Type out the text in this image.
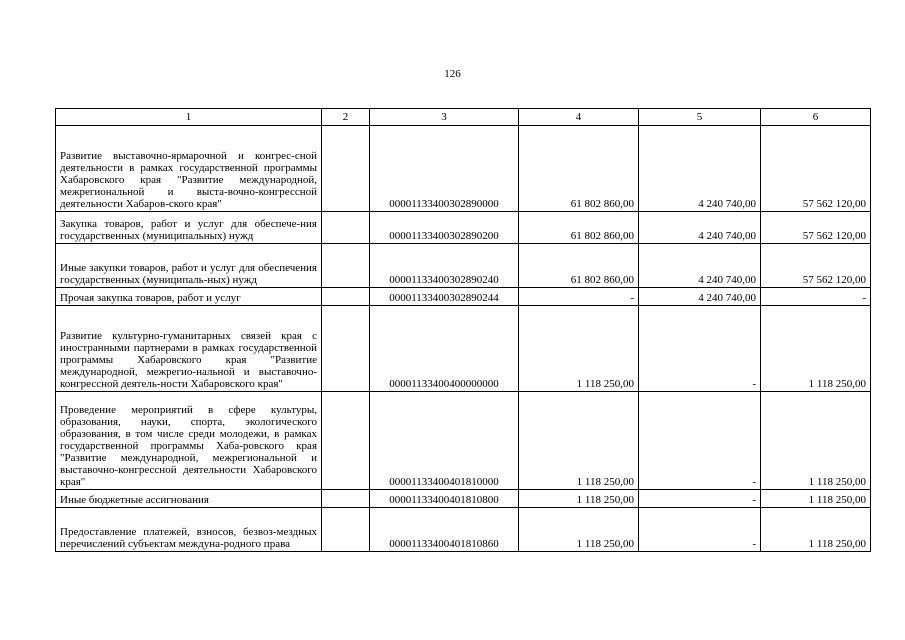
126
1	2	3	4	5	6
Развитие выставочно-ярмарочной и конгрес-сной деятельности в рамках государственной программы Хабаровского края "Развитие международной, межрегиональной и выста-вочно-конгрессной деятельности Хабаров-ского края"		00001133400302890000	61 802 860,00	4 240 740,00	57 562 120,00
Закупка товаров, работ и услуг для обеспече-ния государственных (муниципальных) нужд		00001133400302890200	61 802 860,00	4 240 740,00	57 562 120,00
Иные закупки товаров, работ и услуг для обеспечения государственных (муниципаль-ных) нужд		00001133400302890240	61 802 860,00	4 240 740,00	57 562 120,00
Прочая закупка товаров, работ и услуг		00001133400302890244	-	4 240 740,00	-
Развитие культурно-гуманитарных связей края с иностранными партнерами в рамках государственной программы Хабаровского края "Развитие международной, межрегио-нальной и выставочно-конгрессной деятель-ности Хабаровского края"		00001133400400000000	1 118 250,00	-	1 118 250,00
Проведение мероприятий в сфере культуры, образования, науки, спорта, экологического образования, в том числе среди молодежи, в рамках государственной программы Хаба-ровского края "Развитие международной, межрегиональной и выставочно-конгрессной деятельности Хабаровского края"		00001133400401810000	1 118 250,00	-	1 118 250,00
Иные бюджетные ассигнования		00001133400401810800	1 118 250,00	-	1 118 250,00
Предоставление платежей, взносов, безвоз-мездных перечислений субъектам междуна-родного права		00001133400401810860	1 118 250,00	-	1 118 250,00
